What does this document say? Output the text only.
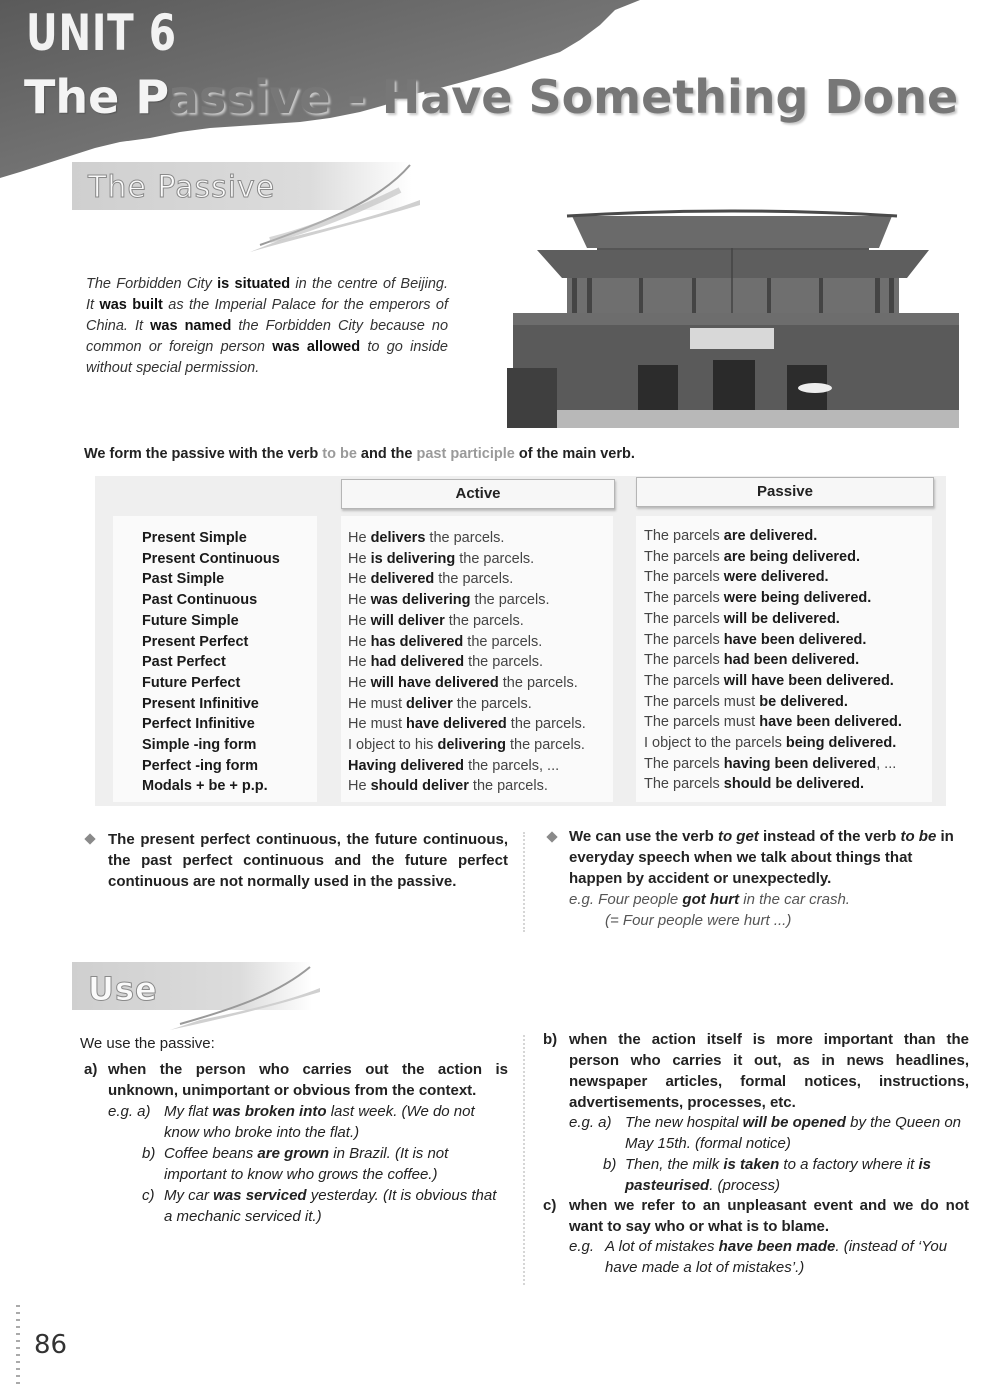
UNIT 6
The Passive - Have Something Done
The Passive
The Forbidden City is situated in the centre of Beijing. It was built as the Imperial Palace for the emperors of China. It was named the Forbidden City because no common or foreign person was allowed to go inside without special permission.
We form the passive with the verb to be and the past participle of the main verb.
Active	Passive
Present Simple
Present Continuous
Past Simple
Past Continuous
Future Simple
Present Perfect
Past Perfect
Future Perfect
Present Infinitive
Perfect Infinitive
Simple -ing form
Perfect -ing form
Modals + be + p.p.
He delivers the parcels.
He is delivering the parcels.
He delivered the parcels.
He was delivering the parcels.
He will deliver the parcels.
He has delivered the parcels.
He had delivered the parcels.
He will have delivered the parcels.
He must deliver the parcels.
He must have delivered the parcels.
I object to his delivering the parcels.
Having delivered the parcels, ...
He should deliver the parcels.
The parcels are delivered.
The parcels are being delivered.
The parcels were delivered.
The parcels were being delivered.
The parcels will be delivered.
The parcels have been delivered.
The parcels had been delivered.
The parcels will have been delivered.
The parcels must be delivered.
The parcels must have been delivered.
I object to the parcels being delivered.
The parcels having been delivered, ...
The parcels should be delivered.
The present perfect continuous, the future continuous, the past perfect continuous and the future perfect continuous are not normally used in the passive.
We can use the verb to get instead of the verb to be in everyday speech when we talk about things that happen by accident or unexpectedly.
e.g. Four people got hurt in the car crash.
(= Four people were hurt ...)
Use
We use the passive:
a) when the person who carries out the action is unknown, unimportant or obvious from the context.
e.g. a) My flat was broken into last week. (We do not know who broke into the flat.)
b) Coffee beans are grown in Brazil. (It is not important to know who grows the coffee.)
c) My car was serviced yesterday. (It is obvious that a mechanic serviced it.)
b) when the action itself is more important than the person who carries it out, as in news headlines, newspaper articles, formal notices, instructions, advertisements, processes, etc.
e.g. a) The new hospital will be opened by the Queen on May 15th. (formal notice)
b) Then, the milk is taken to a factory where it is pasteurised. (process)
c) when we refer to an unpleasant event and we do not want to say who or what is to blame.
e.g. A lot of mistakes have been made. (instead of ‘You have made a lot of mistakes’.)
86
